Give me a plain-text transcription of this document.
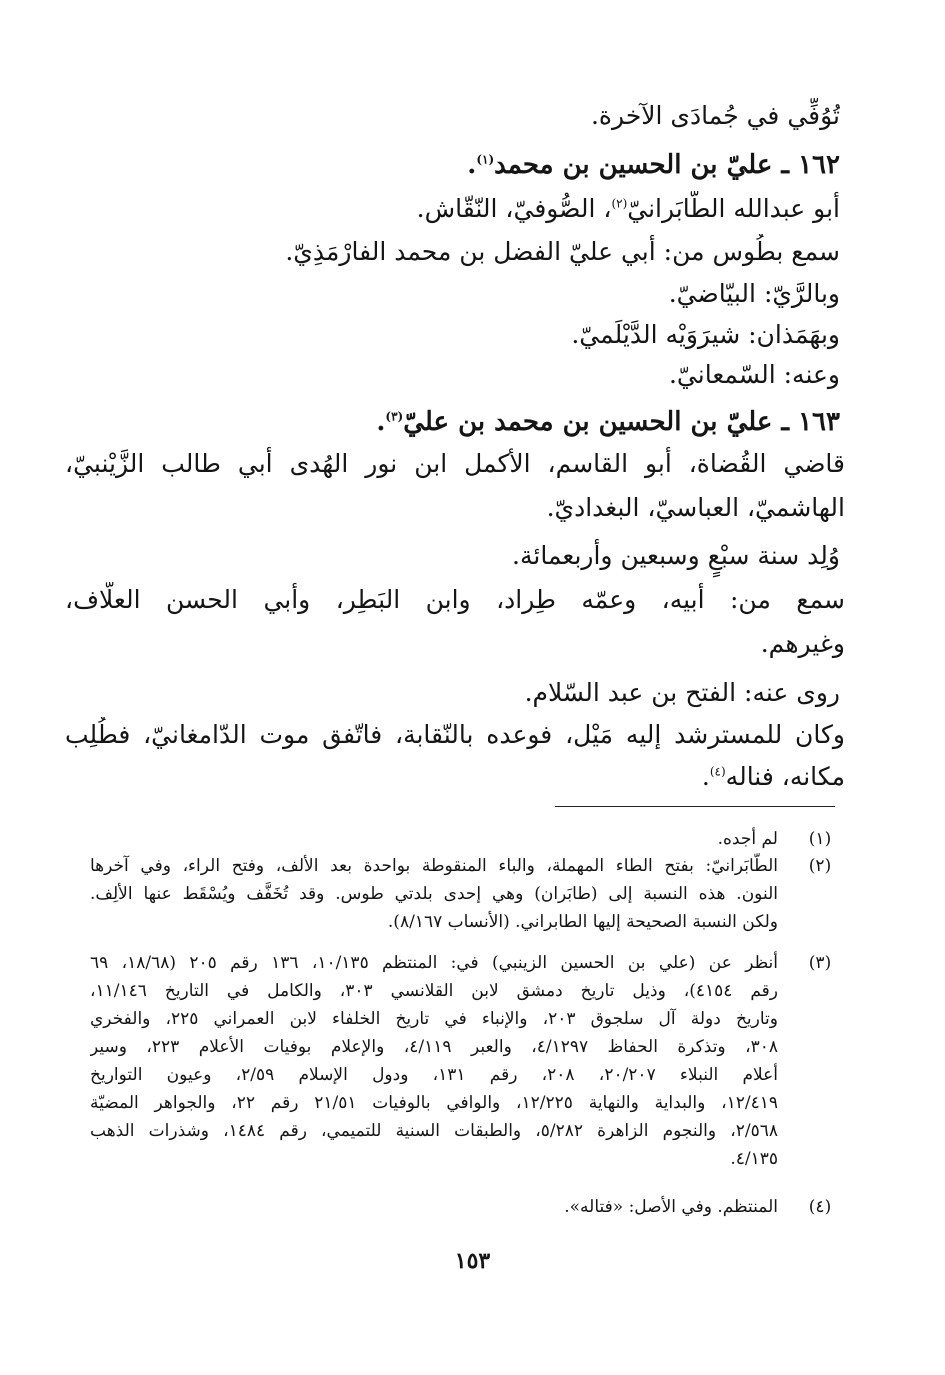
تُوُفِّي في جُمادَى الآخرة.
١٦٢ ـ عليّ بن الحسين بن محمد$^{(١)}$.
أبو عبدالله الطَّابَرانيّ$^{(٢)}$، الصُّوفيّ، النّقّاش.
سمع بطُوس من: أبي عليّ الفضل بن محمد الفارْمَذِيّ.
وبالرَّيّ: البيّاضيّ.
وبهَمَذان: شيرَوَيْه الدَّيْلَميّ.
وعنه: السّمعانيّ.
١٦٣ ـ عليّ بن الحسين بن محمد بن عليّ$^{(٣)}$.
قاضي القُضاة، أبو القاسم، الأكمل ابن نور الهُدى أبي طالب الزَّيْنبيّ،
الهاشميّ، العباسيّ، البغداديّ.
وُلِد سنة سبْعٍ وسبعين وأربعمائة.
سمع من: أبيه، وعمّه طِراد، وابن البَطِر، وأبي الحسن العلّاف،
وغيرهم.
روى عنه: الفتح بن عبد السّلام.
وكان للمسترشد إليه مَيْل، فوعده بالنّقابة، فاتّفق موت الدّامغانيّ، فطُلِب
مكانه، فناله$^{(٤)}$.
(١)
لم أجده.
(٢)
الطَّابَرانيّ: بفتح الطاء المهملة، والباء المنقوطة بواحدة بعد الألف، وفتح الراء، وفي آخرها
النون. هذه النسبة إلى (طابَران) وهي إحدى بلدتي طوس. وقد تُخَفَّف ويُسْقَط عنها الألِف.
ولكن النسبة الصحيحة إليها الطابراني. (الأنساب ٨/١٦٧).
(٣)
أنظر عن (علي بن الحسين الزينبي) في: المنتظم ١٠/١٣٥، ١٣٦ رقم ٢٠٥ (١٨/٦٨، ٦٩
رقم ٤١٥٤)، وذيل تاريخ دمشق لابن القلانسي ٣٠٣، والكامل في التاريخ ١١/١٤٦،
وتاريخ دولة آل سلجوق ٢٠٣، والإنباء في تاريخ الخلفاء لابن العمراني ٢٢٥، والفخري
٣٠٨، وتذكرة الحفاظ ٤/١٢٩٧، والعبر ٤/١١٩، والإعلام بوفيات الأعلام ٢٢٣، وسير
أعلام النبلاء ٢٠/٢٠٧، ٢٠٨، رقم ١٣١، ودول الإسلام ٢/٥٩، وعيون التواريخ
١٢/٤١٩، والبداية والنهاية ١٢/٢٢٥، والوافي بالوفيات ٢١/٥١ رقم ٢٢، والجواهر المضيّة
٢/٥٦٨، والنجوم الزاهرة ٥/٢٨٢، والطبقات السنية للتميمي، رقم ١٤٨٤، وشذرات الذهب
٤/١٣٥.
(٤)
المنتظم. وفي الأصل: «فتاله».
١٥٣
